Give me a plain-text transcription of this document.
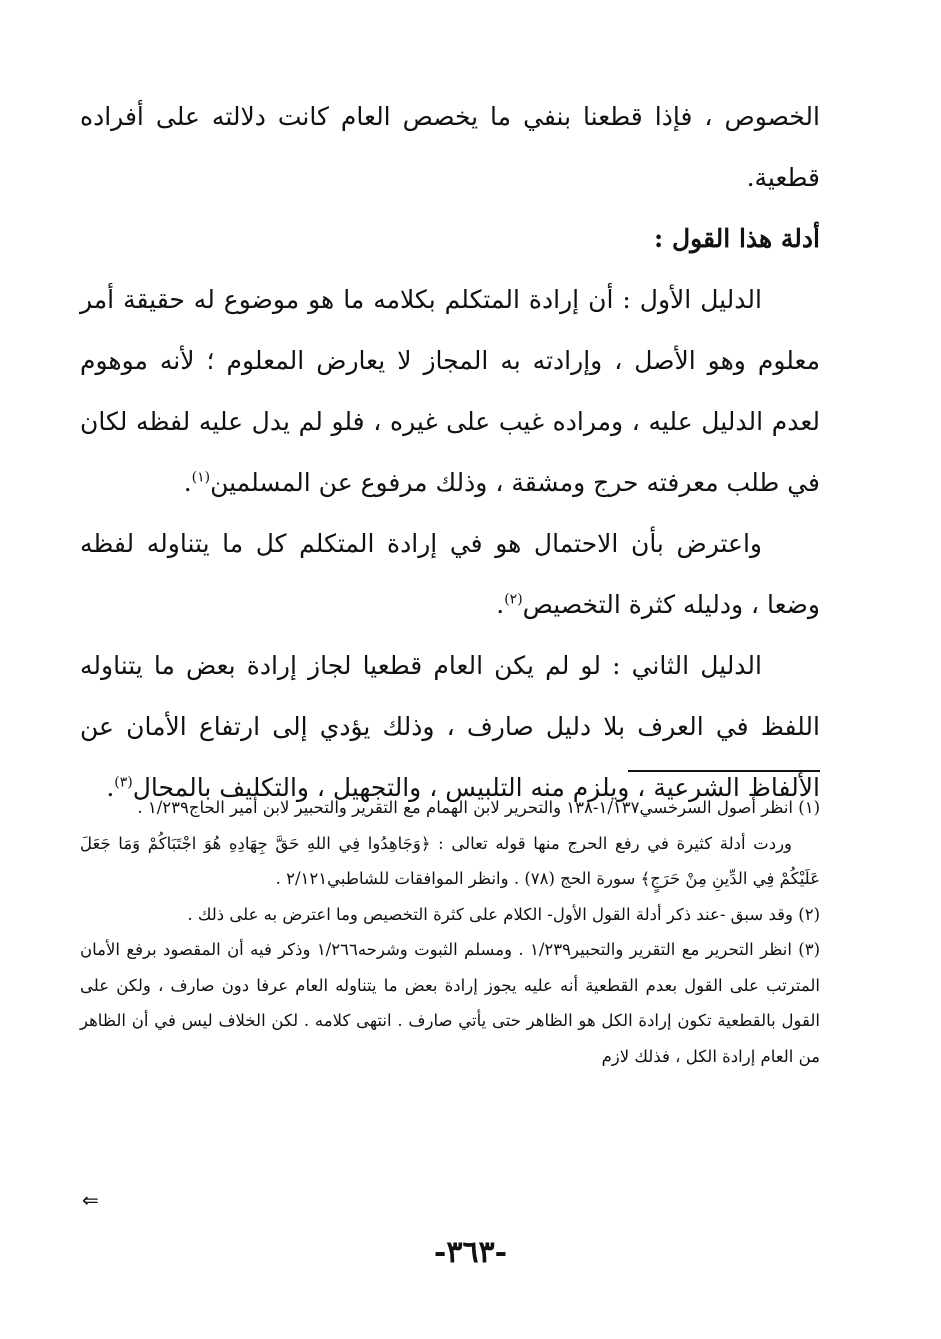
الخصوص ، فإذا قطعنا بنفي ما يخصص العام كانت دلالته على أفراده قطعية.

أدلة هذا القول :

الدليل الأول : أن إرادة المتكلم بكلامه ما هو موضوع له حقيقة أمر معلوم وهو الأصل ، وإرادته به المجاز لا يعارض المعلوم ؛ لأنه موهوم لعدم الدليل عليه ، ومراده غيب على غيره ، فلو لم يدل عليه لفظه لكان في طلب معرفته حرج ومشقة ، وذلك مرفوع عن المسلمين$^{(١)}$.

واعترض بأن الاحتمال هو في إرادة المتكلم كل ما يتناوله لفظه وضعا ، ودليله كثرة التخصيص$^{(٢)}$.

الدليل الثاني : لو لم يكن العام قطعيا لجاز إرادة بعض ما يتناوله اللفظ في العرف بلا دليل صارف ، وذلك يؤدي إلى ارتفاع الأمان عن الألفاظ الشرعية ، ويلزم منه التلبيس ، والتجهيل ، والتكليف بالمحال$^{(٣)}$.

(١) انظر أصول السرخسي١/١٣٧-١٣٨ والتحرير لابن الهمام مع التقرير والتحبير لابن أمير الحاج١/٢٣٩ .

وردت أدلة كثيرة في رفع الحرج منها قوله تعالى : ﴿وَجَاهِدُوا فِي اللهِ حَقَّ جِهَادِهِ هُوَ اجْتَبَاكُمْ وَمَا جَعَلَ عَلَيْكُمْ فِي الدِّينِ مِنْ حَرَجٍ﴾ سورة الحج (٧٨) . وانظر الموافقات للشاطبي٢/١٢١ .

(٢) وقد سبق -عند ذكر أدلة القول الأول- الكلام على كثرة التخصيص وما اعترض به على ذلك .

(٣) انظر التحرير مع التقرير والتحبير١/٢٣٩ . ومسلم الثبوت وشرحه١/٢٦٦ وذكر فيه أن المقصود برفع الأمان المترتب على القول بعدم القطعية أنه عليه يجوز إرادة بعض ما يتناوله العام عرفا دون صارف ، ولكن على القول بالقطعية تكون إرادة الكل هو الظاهر حتى يأتي صارف . انتهى كلامه . لكن الخلاف ليس في أن الظاهر من العام إرادة الكل ، فذلك لازم

⇐
-٣٦٣-
